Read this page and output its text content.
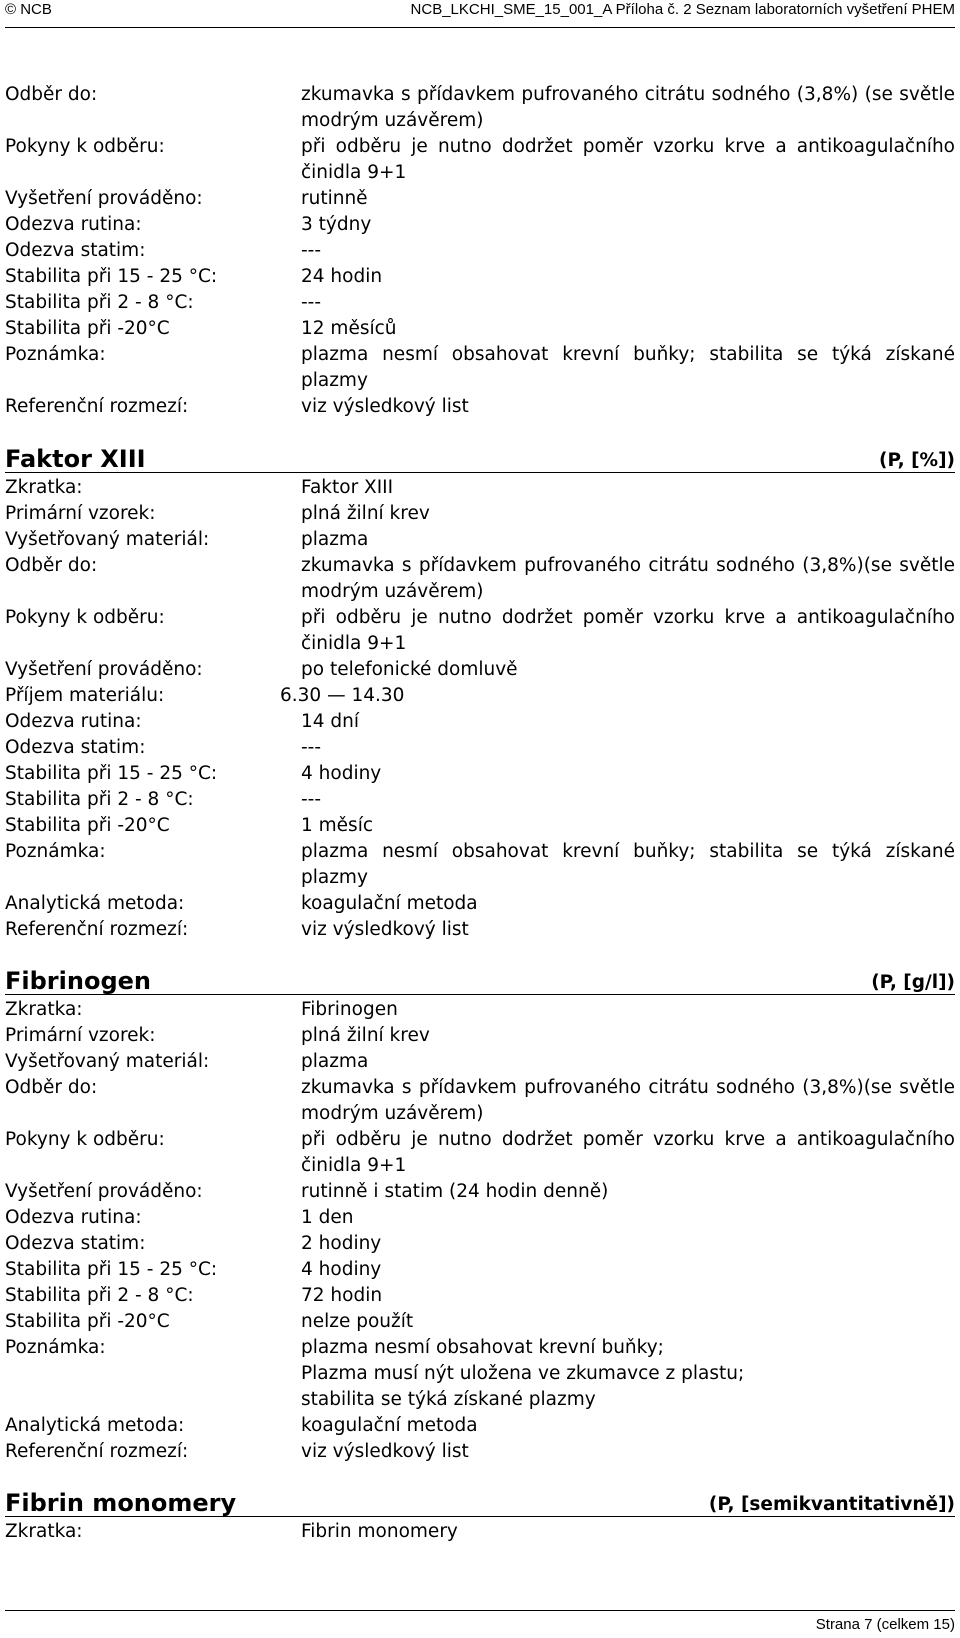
© NCB	NCB_LKCHI_SME_15_001_A Příloha č. 2 Seznam laboratorních vyšetření PHEM
Odběr do:	zkumavka s přídavkem pufrovaného citrátu sodného (3,8%) (se světle modrým uzávěrem)
Pokyny k odběru:	při odběru je nutno dodržet poměr vzorku krve a antikoagulačního činidla 9+1
Vyšetření prováděno:	rutinně
Odezva rutina:	3 týdny
Odezva statim:	---
Stabilita při 15 - 25 °C:	24 hodin
Stabilita při 2 - 8 °C:	---
Stabilita při -20°C	12 měsíců
Poznámka:	plazma nesmí obsahovat krevní buňky; stabilita se týká získané plazmy
Referenční rozmezí:	viz výsledkový list
Faktor XIII	(P, [%])
Zkratka:	Faktor XIII
Primární vzorek:	plná žilní krev
Vyšetřovaný materiál:	plazma
Odběr do:	zkumavka s přídavkem pufrovaného citrátu sodného (3,8%)(se světle modrým uzávěrem)
Pokyny k odběru:	při odběru je nutno dodržet poměr vzorku krve a antikoagulačního činidla 9+1
Vyšetření prováděno:	po telefonické domluvě
Příjem materiálu:	6.30 — 14.30
Odezva rutina:	14 dní
Odezva statim:	---
Stabilita při 15 - 25 °C:	4 hodiny
Stabilita při 2 - 8 °C:	---
Stabilita při -20°C	1 měsíc
Poznámka:	plazma nesmí obsahovat krevní buňky; stabilita se týká získané plazmy
Analytická metoda:	koagulační metoda
Referenční rozmezí:	viz výsledkový list
Fibrinogen	(P, [g/l])
Zkratka:	Fibrinogen
Primární vzorek:	plná žilní krev
Vyšetřovaný materiál:	plazma
Odběr do:	zkumavka s přídavkem pufrovaného citrátu sodného (3,8%)(se světle modrým uzávěrem)
Pokyny k odběru:	při odběru je nutno dodržet poměr vzorku krve a antikoagulačního činidla 9+1
Vyšetření prováděno:	rutinně i statim (24 hodin denně)
Odezva rutina:	1 den
Odezva statim:	2 hodiny
Stabilita při 15 - 25 °C:	4 hodiny
Stabilita při 2 - 8 °C:	72 hodin
Stabilita při -20°C	nelze použít
Poznámka:	plazma nesmí obsahovat krevní buňky;
Plazma musí nýt uložena ve zkumavce z plastu;
stabilita se týká získané plazmy
Analytická metoda:	koagulační metoda
Referenční rozmezí:	viz výsledkový list
Fibrin monomery	(P, [semikvantitativně])
Zkratka:	Fibrin monomery
Strana 7 (celkem 15)
